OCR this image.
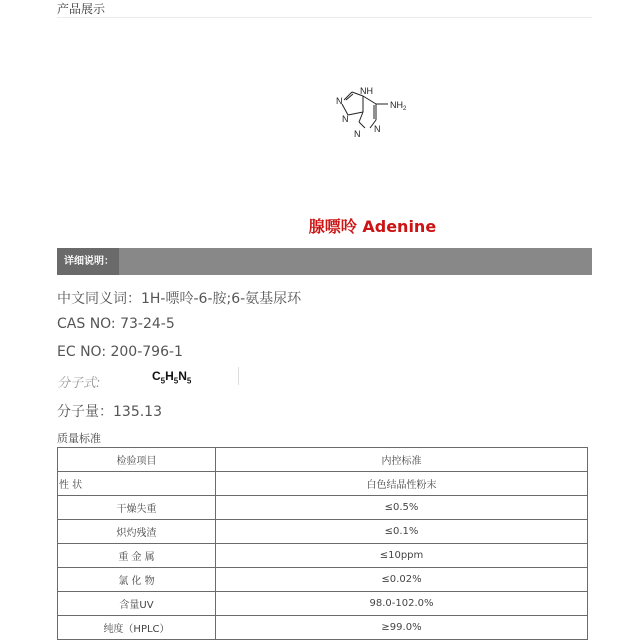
产品展示
NH
N
N
N
N
$NH_2$
腺嘌呤 Adenine
详细说明：
中文同义词：1H-嘌呤-6-胺;6-氨基尿环
CAS NO: 73-24-5
EC NO: 200-796-1
分子式:	$C_5H_5N_5$
分子量：135.13
质量标准
检验项目	内控标准
性 状	白色结晶性粉末
干燥失重	≤0.5%
炽灼残渣	≤0.1%
重 金 属	≤10ppm
氯 化 物	≤0.02%
含量UV	98.0-102.0%
纯度（HPLC）	≥99.0%
